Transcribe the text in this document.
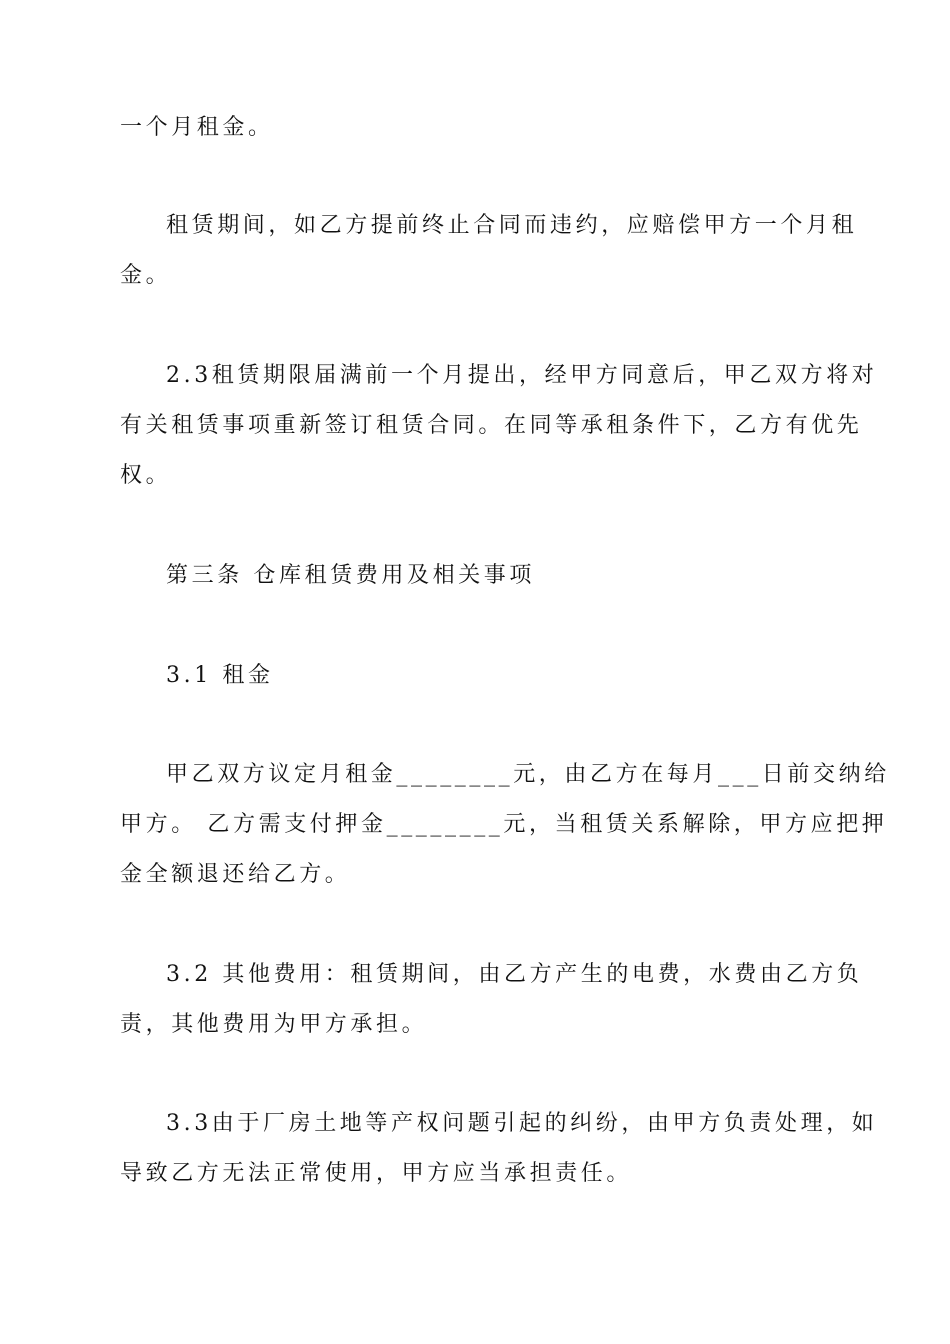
一个月租金。
租赁期间，如乙方提前终止合同而违约，应赔偿甲方一个月租
金。
2.3租赁期限届满前一个月提出，经甲方同意后，甲乙双方将对
有关租赁事项重新签订租赁合同。在同等承租条件下，乙方有优先
权。
第三条 仓库租赁费用及相关事项
3.1 租金
甲乙双方议定月租金________元，由乙方在每月___日前交纳给
甲方。 乙方需支付押金________元，当租赁关系解除，甲方应把押
金全额退还给乙方。
3.2 其他费用：租赁期间，由乙方产生的电费，水费由乙方负
责，其他费用为甲方承担。
3.3由于厂房土地等产权问题引起的纠纷，由甲方负责处理，如
导致乙方无法正常使用，甲方应当承担责任。
